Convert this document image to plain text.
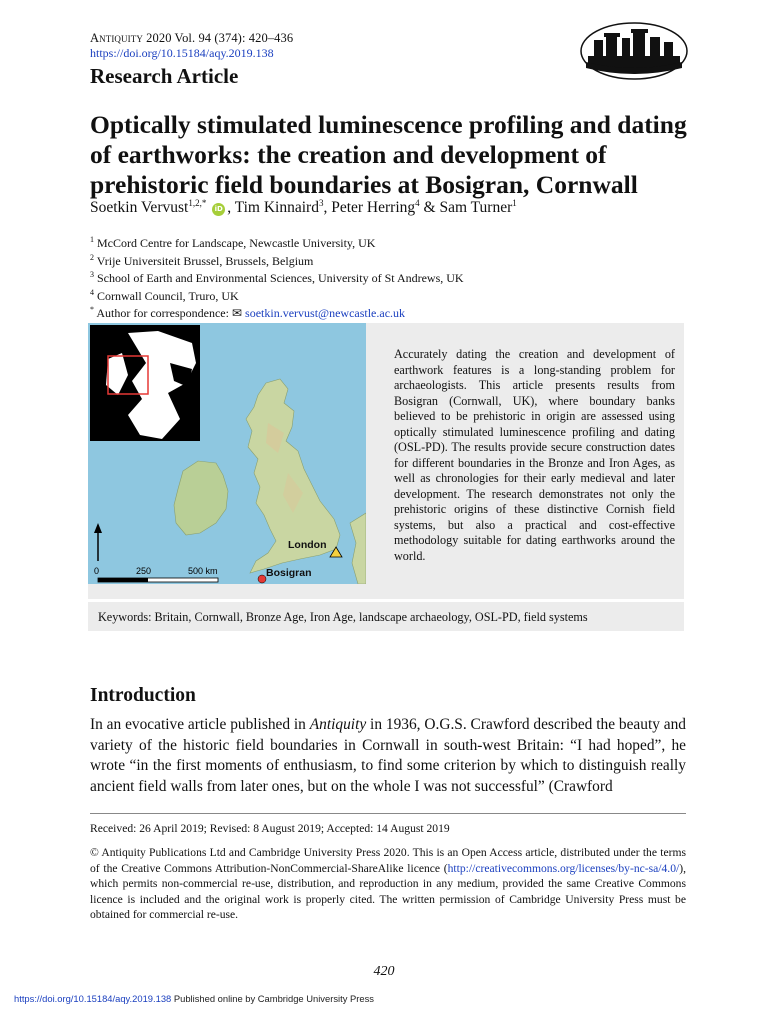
Antiquity 2020 Vol. 94 (374): 420–436
https://doi.org/10.15184/aqy.2019.138
Research Article
Optically stimulated luminescence profiling and dating of earthworks: the creation and development of prehistoric field boundaries at Bosigran, Cornwall
Soetkin Vervust$^{1,2,*}$ iD , Tim Kinnaird$^3$, Peter Herring$^4$ & Sam Turner$^1$
$^1$ McCord Centre for Landscape, Newcastle University, UK
$^2$ Vrije Universiteit Brussel, Brussels, Belgium
$^3$ School of Earth and Environmental Sciences, University of St Andrews, UK
$^4$ Cornwall Council, Truro, UK
* Author for correspondence: ✉ soetkin.vervust@newcastle.ac.uk
0	250	500 km
London
Bosigran
Accurately dating the creation and development of earthwork features is a long-standing problem for archaeologists. This article presents results from Bosigran (Cornwall, UK), where boundary banks believed to be prehistoric in origin are assessed using optically stimulated luminescence profiling and dating (OSL-PD). The results provide secure construction dates for different boundaries in the Bronze and Iron Ages, as well as chronologies for their early medieval and later development. The research demonstrates not only the prehistoric origins of these distinctive Cornish field systems, but also a practical and cost-effective methodology suitable for dating earthworks around the world.
Keywords: Britain, Cornwall, Bronze Age, Iron Age, landscape archaeology, OSL-PD, field systems
Introduction
In an evocative article published in Antiquity in 1936, O.G.S. Crawford described the beauty and variety of the historic field boundaries in Cornwall in south-west Britain: “I had hoped”, he wrote “in the first moments of enthusiasm, to find some criterion by which to distinguish really ancient field walls from later ones, but on the whole I was not successful” (Crawford
Received: 26 April 2019; Revised: 8 August 2019; Accepted: 14 August 2019
© Antiquity Publications Ltd and Cambridge University Press 2020. This is an Open Access article, distributed under the terms of the Creative Commons Attribution-NonCommercial-ShareAlike licence (http://creativecommons.org/licenses/by-nc-sa/4.0/), which permits non-commercial re-use, distribution, and reproduction in any medium, provided the same Creative Commons licence is included and the original work is properly cited. The written permission of Cambridge University Press must be obtained for commercial re-use.
420
https://doi.org/10.15184/aqy.2019.138 Published online by Cambridge University Press
